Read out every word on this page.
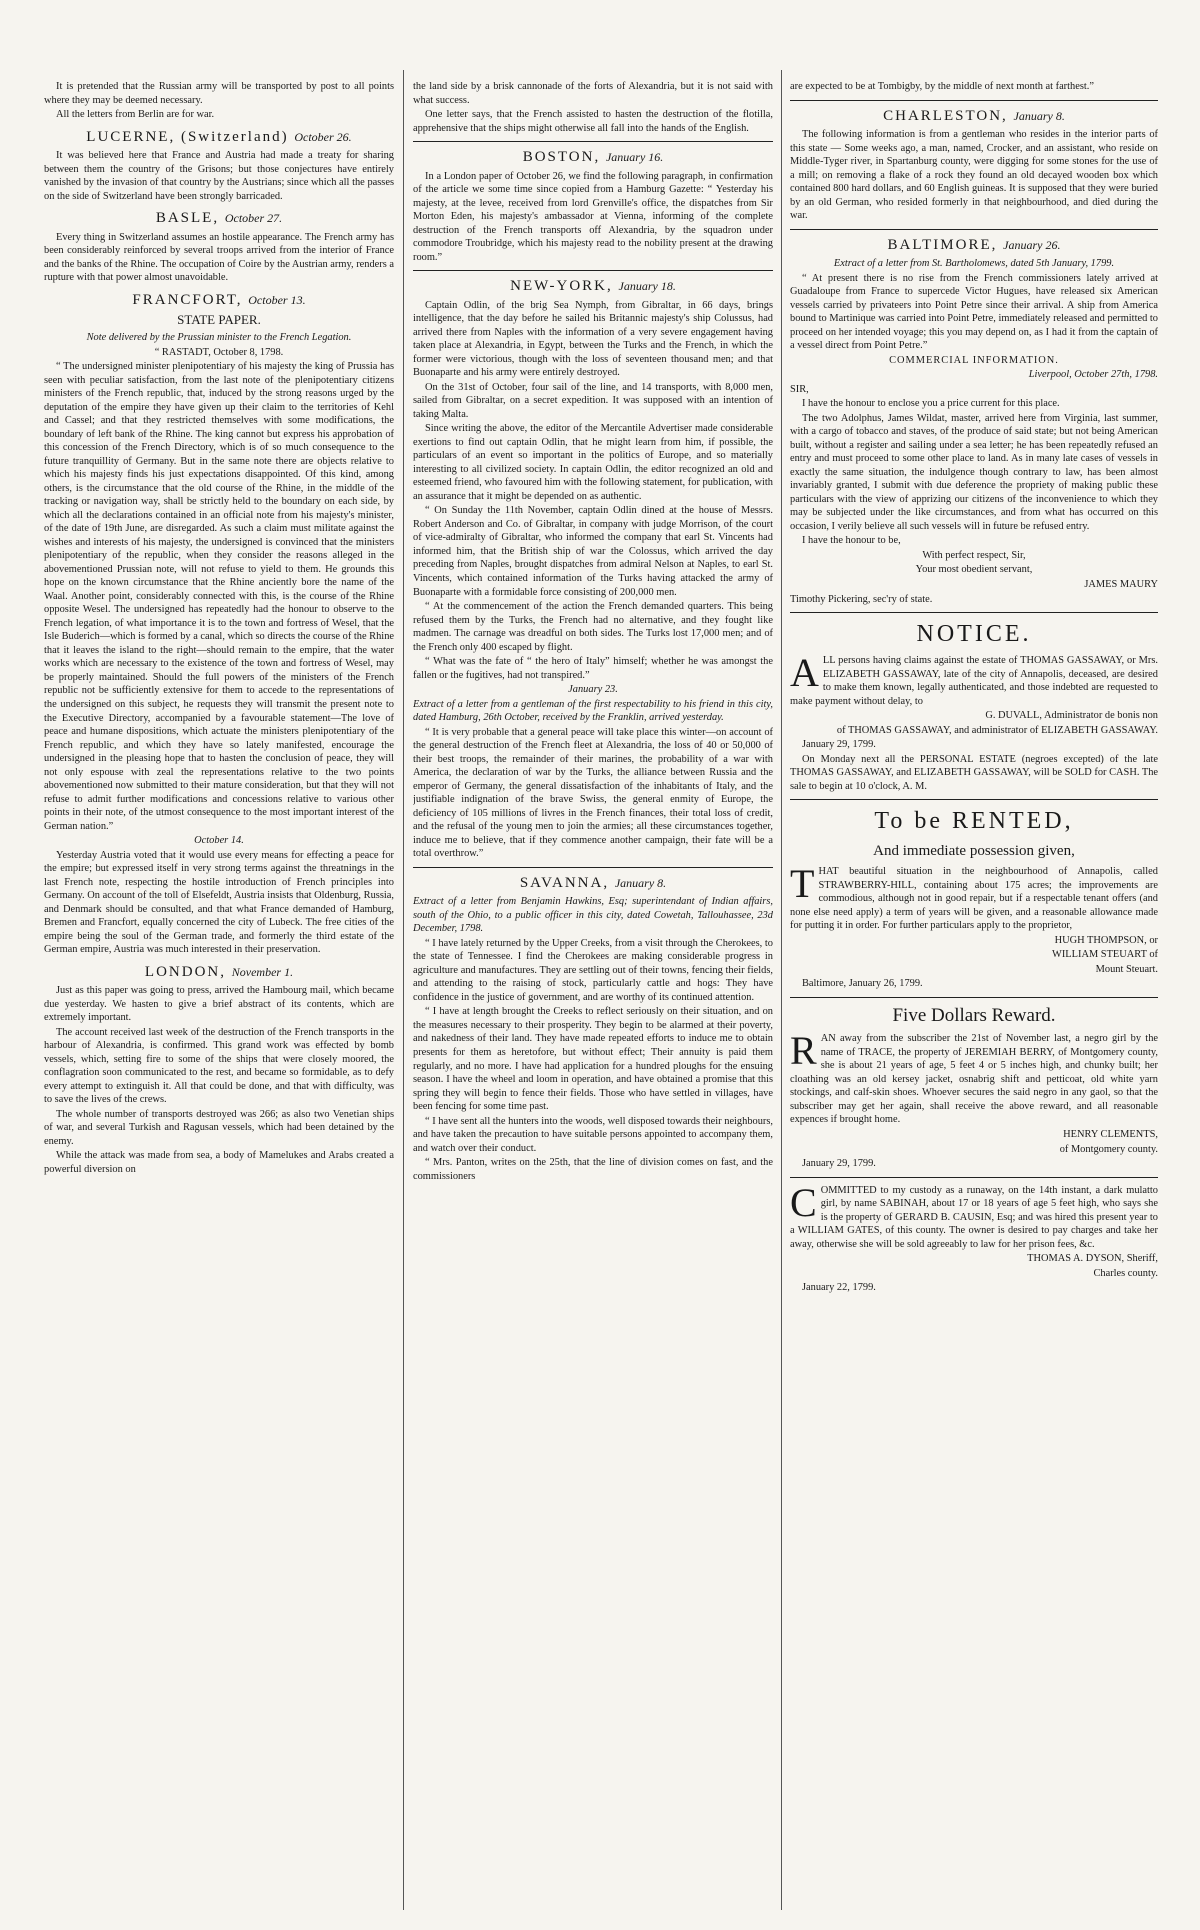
It is pretended that the Russian army will be transported by post to all points where they may be deemed necessary.

All the letters from Berlin are for war.

LUCERNE, (Switzerland) October 26.

It was believed here that France and Austria had made a treaty for sharing between them the country of the Grisons; but those conjectures have entirely vanished by the invasion of that country by the Austrians; since which all the passes on the side of Switzerland have been strongly barricaded.

BASLE, October 27.

Every thing in Switzerland assumes an hostile appearance. The French army has been considerably reinforced by several troops arrived from the interior of France and the banks of the Rhine. The occupation of Coire by the Austrian army, renders a rupture with that power almost unavoidable.

FRANCFORT, October 13.
STATE PAPER.

Note delivered by the Prussian minister to the French Legation.

“ RASTADT, October 8, 1798.

“ The undersigned minister plenipotentiary of his majesty the king of Prussia has seen with peculiar satisfaction, from the last note of the plenipotentiary citizens ministers of the French republic, that, induced by the strong reasons urged by the deputation of the empire they have given up their claim to the territories of Kehl and Cassel; and that they restricted themselves with some modifications, the boundary of left bank of the Rhine. The king cannot but express his approbation of this concession of the French Directory, which is of so much consequence to the future tranquillity of Germany. But in the same note there are objects relative to which his majesty finds his just expectations disappointed. Of this kind, among others, is the circumstance that the old course of the Rhine, in the middle of the tracking or navigation way, shall be strictly held to the boundary on each side, by which all the declarations contained in an official note from his majesty's minister, of the date of 19th June, are disregarded. As such a claim must militate against the wishes and interests of his majesty, the undersigned is convinced that the ministers plenipotentiary of the republic, when they consider the reasons alleged in the abovementioned Prussian note, will not refuse to yield to them. He grounds this hope on the known circumstance that the Rhine anciently bore the name of the Waal. Another point, considerably connected with this, is the course of the Rhine opposite Wesel. The undersigned has repeatedly had the honour to observe to the French legation, of what importance it is to the town and fortress of Wesel, that the Isle Buderich—which is formed by a canal, which so directs the course of the Rhine that it leaves the island to the right—should remain to the empire, that the water works which are necessary to the existence of the town and fortress of Wesel, may be properly maintained. Should the full powers of the ministers of the French republic not be sufficiently extensive for them to accede to the representations of the undersigned on this subject, he requests they will transmit the present note to the Executive Directory, accompanied by a favourable statement—The love of peace and humane dispositions, which actuate the ministers plenipotentiary of the French republic, and which they have so lately manifested, encourage the undersigned in the pleasing hope that to hasten the conclusion of peace, they will not only espouse with zeal the representations relative to the two points abovementioned now submitted to their mature consideration, but that they will not refuse to admit further modifications and concessions relative to various other points in their note, of the utmost consequence to the most important interest of the German nation.”

October 14.

Yesterday Austria voted that it would use every means for effecting a peace for the empire; but expressed itself in very strong terms against the threatnings in the last French note, respecting the hostile introduction of French principles into Germany. On account of the toll of Elsefeldt, Austria insists that Oldenburg, Russia, and Denmark should be consulted, and that what France demanded of Hamburg, Bremen and Francfort, equally concerned the city of Lubeck. The free cities of the empire being the soul of the German trade, and formerly the third estate of the German empire, Austria was much interested in their preservation.

LONDON, November 1.

Just as this paper was going to press, arrived the Hambourg mail, which became due yesterday. We hasten to give a brief abstract of its contents, which are extremely important.

The account received last week of the destruction of the French transports in the harbour of Alexandria, is confirmed. This grand work was effected by bomb vessels, which, setting fire to some of the ships that were closely moored, the conflagration soon communicated to the rest, and became so formidable, as to defy every attempt to extinguish it. All that could be done, and that with difficulty, was to save the lives of the crews.

The whole number of transports destroyed was 266; as also two Venetian ships of war, and several Turkish and Ragusan vessels, which had been detained by the enemy.

While the attack was made from sea, a body of Mamelukes and Arabs created a powerful diversion on

the land side by a brisk cannonade of the forts of Alexandria, but it is not said with what success.

One letter says, that the French assisted to hasten the destruction of the flotilla, apprehensive that the ships might otherwise all fall into the hands of the English.

BOSTON, January 16.

In a London paper of October 26, we find the following paragraph, in confirmation of the article we some time since copied from a Hamburg Gazette: “ Yesterday his majesty, at the levee, received from lord Grenville's office, the dispatches from Sir Morton Eden, his majesty's ambassador at Vienna, informing of the complete destruction of the French transports off Alexandria, by the squadron under commodore Troubridge, which his majesty read to the nobility present at the drawing room.”

NEW-YORK, January 18.

Captain Odlin, of the brig Sea Nymph, from Gibraltar, in 66 days, brings intelligence, that the day before he sailed his Britannic majesty's ship Colussus, had arrived there from Naples with the information of a very severe engagement having taken place at Alexandria, in Egypt, between the Turks and the French, in which the former were victorious, though with the loss of seventeen thousand men; and that Buonaparte and his army were entirely destroyed.

On the 31st of October, four sail of the line, and 14 transports, with 8,000 men, sailed from Gibraltar, on a secret expedition. It was supposed with an intention of taking Malta.

Since writing the above, the editor of the Mercantile Advertiser made considerable exertions to find out captain Odlin, that he might learn from him, if possible, the particulars of an event so important in the politics of Europe, and so materially interesting to all civilized society. In captain Odlin, the editor recognized an old and esteemed friend, who favoured him with the following statement, for publication, with an assurance that it might be depended on as authentic.

“ On Sunday the 11th November, captain Odlin dined at the house of Messrs. Robert Anderson and Co. of Gibraltar, in company with judge Morrison, of the court of vice-admiralty of Gibraltar, who informed the company that earl St. Vincents had informed him, that the British ship of war the Colossus, which arrived the day preceding from Naples, brought dispatches from admiral Nelson at Naples, to earl St. Vincents, which contained information of the Turks having attacked the army of Buonaparte with a formidable force consisting of 200,000 men.

“ At the commencement of the action the French demanded quarters. This being refused them by the Turks, the French had no alternative, and they fought like madmen. The carnage was dreadful on both sides. The Turks lost 17,000 men; and of the French only 400 escaped by flight.

“ What was the fate of “ the hero of Italy” himself; whether he was amongst the fallen or the fugitives, had not transpired.”

January 23.

Extract of a letter from a gentleman of the first respectability to his friend in this city, dated Hamburg, 26th October, received by the Franklin, arrived yesterday.

“ It is very probable that a general peace will take place this winter—on account of the general destruction of the French fleet at Alexandria, the loss of 40 or 50,000 of their best troops, the remainder of their marines, the probability of a war with America, the declaration of war by the Turks, the alliance between Russia and the emperor of Germany, the general dissatisfaction of the inhabitants of Italy, and the justifiable indignation of the brave Swiss, the general enmity of Europe, the deficiency of 105 millions of livres in the French finances, their total loss of credit, and the refusal of the young men to join the armies; all these circumstances together, induce me to believe, that if they commence another campaign, their fate will be a total overthrow.”

SAVANNA, January 8.

Extract of a letter from Benjamin Hawkins, Esq; superintendant of Indian affairs, south of the Ohio, to a public officer in this city, dated Cowetah, Tallouhassee, 23d December, 1798.

“ I have lately returned by the Upper Creeks, from a visit through the Cherokees, to the state of Tennessee. I find the Cherokees are making considerable progress in agriculture and manufactures. They are settling out of their towns, fencing their fields, and attending to the raising of stock, particularly cattle and hogs: They have confidence in the justice of government, and are worthy of its continued attention.

“ I have at length brought the Creeks to reflect seriously on their situation, and on the measures necessary to their prosperity. They begin to be alarmed at their poverty, and nakedness of their land. They have made repeated efforts to induce me to obtain presents for them as heretofore, but without effect; Their annuity is paid them regularly, and no more. I have had application for a hundred ploughs for the ensuing season. I have the wheel and loom in operation, and have obtained a promise that this spring they will begin to fence their fields. Those who have settled in villages, have been fencing for some time past.

“ I have sent all the hunters into the woods, well disposed towards their neighbours, and have taken the precaution to have suitable persons appointed to accompany them, and watch over their conduct.

“ Mrs. Panton, writes on the 25th, that the line of division comes on fast, and the commissioners

are expected to be at Tombigby, by the middle of next month at farthest.”

CHARLESTON, January 8.

The following information is from a gentleman who resides in the interior parts of this state — Some weeks ago, a man, named, Crocker, and an assistant, who reside on Middle-Tyger river, in Spartanburg county, were digging for some stones for the use of a mill; on removing a flake of a rock they found an old decayed wooden box which contained 800 hard dollars, and 60 English guineas. It is supposed that they were buried by an old German, who resided formerly in that neighbourhood, and died during the war.

BALTIMORE, January 26.

Extract of a letter from St. Bartholomews, dated 5th January, 1799.

“ At present there is no rise from the French commissioners lately arrived at Guadaloupe from France to supercede Victor Hugues, have released six American vessels carried by privateers into Point Petre since their arrival. A ship from America bound to Martinique was carried into Point Petre, immediately released and permitted to proceed on her intended voyage; this you may depend on, as I had it from the captain of a vessel direct from Point Petre.”

COMMERCIAL INFORMATION.

Liverpool, October 27th, 1798.

SIR,

I have the honour to enclose you a price current for this place.

The two Adolphus, James Wildat, master, arrived here from Virginia, last summer, with a cargo of tobacco and staves, of the produce of said state; but not being American built, without a register and sailing under a sea letter; he has been repeatedly refused an entry and must proceed to some other place to land. As in many late cases of vessels in exactly the same situation, the indulgence though contrary to law, has been almost invariably granted, I submit with due deference the propriety of making public these particulars with the view of apprizing our citizens of the inconvenience to which they may be subjected under the like circumstances, and from what has occurred on this occasion, I verily believe all such vessels will in future be refused entry.

I have the honour to be,

With perfect respect, Sir,

Your most obedient servant,

JAMES MAURY

Timothy Pickering, sec'ry of state.

NOTICE.

ALL persons having claims against the estate of THOMAS GASSAWAY, or Mrs. ELIZABETH GASSAWAY, late of the city of Annapolis, deceased, are desired to make them known, legally authenticated, and those indebted are requested to make payment without delay, to

G. DUVALL, Administrator de bonis non

of THOMAS GASSAWAY, and administrator of ELIZABETH GASSAWAY.

January 29, 1799.

On Monday next all the PERSONAL ESTATE (negroes excepted) of the late THOMAS GASSAWAY, and ELIZABETH GASSAWAY, will be SOLD for CASH. The sale to begin at 10 o'clock, A. M.

To be RENTED,
And immediate possession given,

THAT beautiful situation in the neighbourhood of Annapolis, called STRAWBERRY-HILL, containing about 175 acres; the improvements are commodious, although not in good repair, but if a respectable tenant offers (and none else need apply) a term of years will be given, and a reasonable allowance made for putting it in order. For further particulars apply to the proprietor,

HUGH THOMPSON, or

WILLIAM STEUART of

Mount Steuart.

Baltimore, January 26, 1799.

Five Dollars Reward.

RAN away from the subscriber the 21st of November last, a negro girl by the name of TRACE, the property of JEREMIAH BERRY, of Montgomery county, she is about 21 years of age, 5 feet 4 or 5 inches high, and chunky built; her cloathing was an old kersey jacket, osnabrig shift and petticoat, old white yarn stockings, and calf-skin shoes. Whoever secures the said negro in any gaol, so that the subscriber may get her again, shall receive the above reward, and all reasonable expences if brought home.

HENRY CLEMENTS,

of Montgomery county.

January 29, 1799.

COMMITTED to my custody as a runaway, on the 14th instant, a dark mulatto girl, by name SABINAH, about 17 or 18 years of age 5 feet high, who says she is the property of GERARD B. CAUSIN, Esq; and was hired this present year to a WILLIAM GATES, of this county. The owner is desired to pay charges and take her away, otherwise she will be sold agreeably to law for her prison fees, &c.

THOMAS A. DYSON, Sheriff,

Charles county.

January 22, 1799.
